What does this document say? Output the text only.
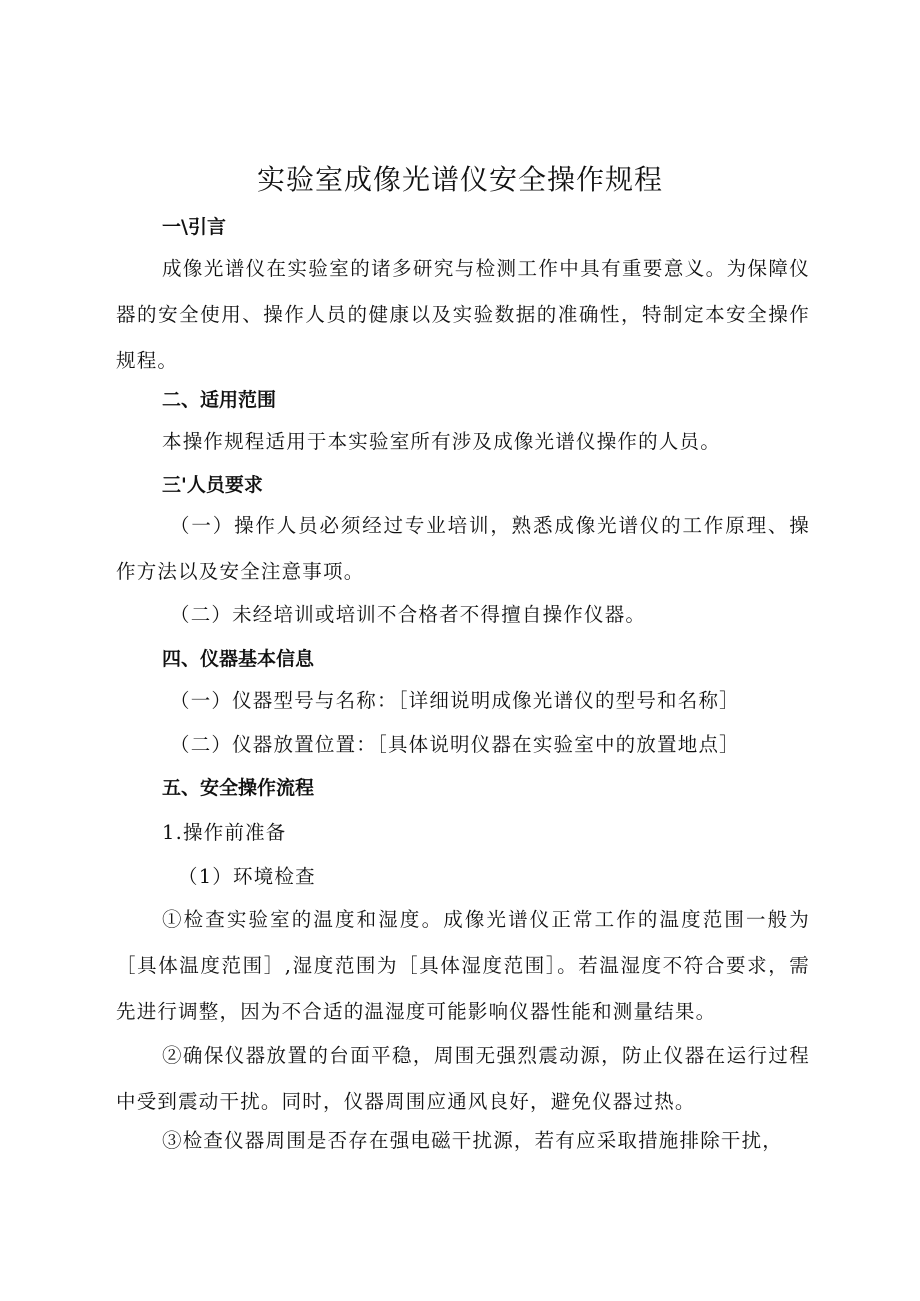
实验室成像光谱仪安全操作规程
一\引言
成像光谱仪在实验室的诸多研究与检测工作中具有重要意义。为保障仪器的安全使用、操作人员的健康以及实验数据的准确性，特制定本安全操作规程。
二、适用范围
本操作规程适用于本实验室所有涉及成像光谱仪操作的人员。
三'人员要求
（一）操作人员必须经过专业培训，熟悉成像光谱仪的工作原理、操作方法以及安全注意事项。
（二）未经培训或培训不合格者不得擅自操作仪器。
四、仪器基本信息
（一）仪器型号与名称：［详细说明成像光谱仪的型号和名称］
（二）仪器放置位置：［具体说明仪器在实验室中的放置地点］
五、安全操作流程
1.操作前准备
（1）环境检查
①检查实验室的温度和湿度。成像光谱仪正常工作的温度范围一般为［具体温度范围］,湿度范围为［具体湿度范围］。若温湿度不符合要求，需先进行调整，因为不合适的温湿度可能影响仪器性能和测量结果。
②确保仪器放置的台面平稳，周围无强烈震动源，防止仪器在运行过程中受到震动干扰。同时，仪器周围应通风良好，避免仪器过热。
③检查仪器周围是否存在强电磁干扰源，若有应采取措施排除干扰，
